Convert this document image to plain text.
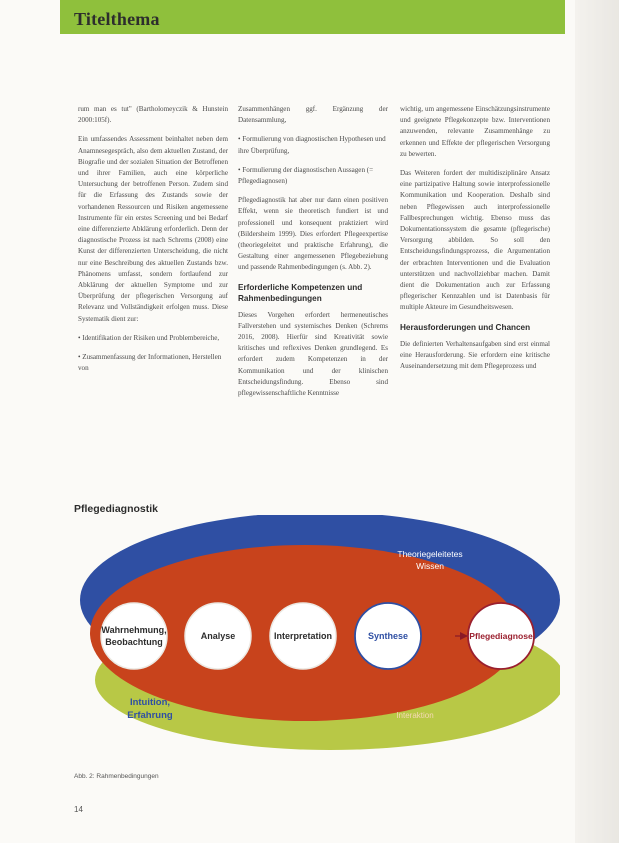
Titelthema

rum man es tut" (Bartholomeyczik & Hunstein 2000:105f).

Ein umfassendes Assessment beinhaltet neben dem Anamnesegespräch, also dem aktuellen Zustand, der Biografie und der sozialen Situation der Betroffenen und ihrer Familien, auch eine körperliche Untersuchung der betroffenen Person. Zudem sind für die Erfassung des Zustands sowie der vorhandenen Ressourcen und Risiken angemessene Instrumente für ein erstes Screening und bei Bedarf eine differenzierte Abklärung erforderlich. Denn der diagnostische Prozess ist nach Schrems (2008) eine Kunst der differenzierten Unterscheidung, die nicht nur eine Beschreibung des aktuellen Zustands bzw. Phänomens umfasst, sondern fortlaufend zur Abklärung der aktuellen Symptome und zur Überprüfung der pflegerischen Versorgung auf Relevanz und Vollständigkeit erfolgen muss. Diese Systematik dient zur:

• Identifikation der Risiken und Problembereiche,
• Zusammenfassung der Informationen, Herstellen von

Zusammenhängen ggf. Ergänzung der Datensammlung,

• Formulierung von diagnostischen Hypothesen und ihre Überprüfung,
• Formulierung der diagnostischen Aussagen (= Pflegediagnosen)

Pflegediagnostik hat aber nur dann einen positiven Effekt, wenn sie theoretisch fundiert ist und professionell und konsequent praktiziert wird (Bildersheim 1999). Dies erfordert Pflegeexpertise (theoriegeleitet und praktische Erfahrung), die Gestaltung einer angemessenen Pflegebeziehung und passende Rahmenbedingungen (s. Abb. 2).

Erforderliche Kompetenzen und Rahmenbedingungen

Dieses Vorgehen erfordert hermeneutisches Fallverstehen und systemisches Denken (Schrems 2016, 2008). Hierfür sind Kreativität sowie kritisches und reflexives Denken grundlegend. Es erfordert zudem Kompetenzen in der Kommunikation und der klinischen Entscheidungsfindung. Ebenso sind pflegewissenschaftliche Kenntnisse

wichtig, um angemessene Einschätzungsinstrumente und geeignete Pflegekonzepte bzw. Interventionen anzuwenden, relevante Zusammenhänge zu erkennen und Effekte der pflegerischen Versorgung zu bewerten.

Das Weiteren fordert der multidisziplinäre Ansatz eine partizipative Haltung sowie interprofessionelle Kommunikation und Kooperation. Deshalb sind neben Pflegewissen auch interprofessionelle Fallbesprechungen wichtig. Ebenso muss das Dokumentationssystem die gesamte (pflegerische) Versorgung abbilden. So soll den Entscheidungsfindungsprozess, die Argumentation der erbrachten Interventionen und die Evaluation unterstützen und nachvollziehbar machen. Damit dient die Dokumentation auch zur Erfassung pflegerischer Kennzahlen und ist Datenbasis für multiple Akteure im Gesundheitswesen.

Herausforderungen und Chancen

Die definierten Verhaltensaufgaben sind erst einmal eine Herausforderung. Sie erfordern eine kritische Auseinandersetzung mit dem Pflegeprozess und

Pflegediagnostik
Theoriegeleitetes
Wissen
Intuition,
Erfahrung	Interaktion
Wahrnehmung,
Beobachtung
Analyse	Interpretation	Synthese	Pflegediagnose
Abb. 2: Rahmenbedingungen
14
